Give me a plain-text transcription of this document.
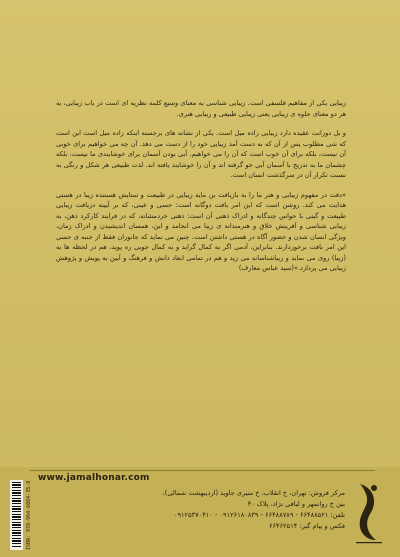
زیبایی یکی از مفاهیم فلسفی است. زیبایی شناسی به معنای وسیع کلمه نظریه ای است در باب زیبایی، به هر دو معنای جلوه ی زیبایی یعنی زیبایی طبیعی و زیبایی هنری.

و بل دورانت عقیده دارد زیبایی زاده میل است. یکی از نشانه های برجسته اینکه زاده میل است این است که شی مطلوب پس از آن که به دست آمد زیبایی خود را از دست می دهد. آن چه می خواهیم برای خوبی آن نیست، بلکه برای آن خوب است که آن را می خواهیم. آبی بودن آسمان برای خوشایندی ما نیست، بلکه چشمان ما به تدریج با آسمان آبی خو گرفته اند و آن را خوشایند یافته اند. لذت طبیعی هر شکل و رنگی به نسبت تکرار آن در سرگذشت انسان است.

«دقت در مفهوم زیبایی و هنر ما را به بازیافت بن مایه زیبایی در طبیعت و ستایش هستنده زیبا در هستی هدایت می کند. روشن است که این امر بافت دوگانه است: حسی و عینی، که بر آیینه دریافت زیبایی طبیعت و گیتی با حواس چندگانه و ادراک ذهنی آن است: ذهنی خردمشانه، که در فرایند کارکرد ذهن، به زیبایی شناسی و آفرینش خلاق و هنرمندانه ی زیبا می انجامد و این، همسان اندیشیدن و ادراک زمان، ویژگی انسان شدن و حضور آگاه در هستی داشتن است. چنین می نماید که جانوران فقط از جنبه ی حسی این امر بافت برخوردارند. بنابراین، آدمی اگر به کمال گراید و به کمال جویی ره پوید، هم در لحظه ها به (زیبا) روی می نماید و زیباشناسانه می زید و هم در تمامی ابعاد دانش و فرهنگ و آیین به پویش و پژوهش زیبایی می پردازد.»(سید عباس معارف)

www.jamalhonar.com
مرکز فروش: تهران، خ انقلاب، خ منیری جاوید (اردیبهشت شمالی)،
بین خ روانمهر و لبافی نژاد، پلاک ۴۰
تلفن: ۶۶۴۸۸۵۲۱ - ۶۶۴۸۸۷۸۹ - ۰۹۱۲۶۱۸۰۸۳۹ - ۰۹۱۲۵۳۷۰۴۱۰
فکس و پیام گیر: ۶۶۴۶۲۵۱۴
ISBN: 978-964-6084-35-8
